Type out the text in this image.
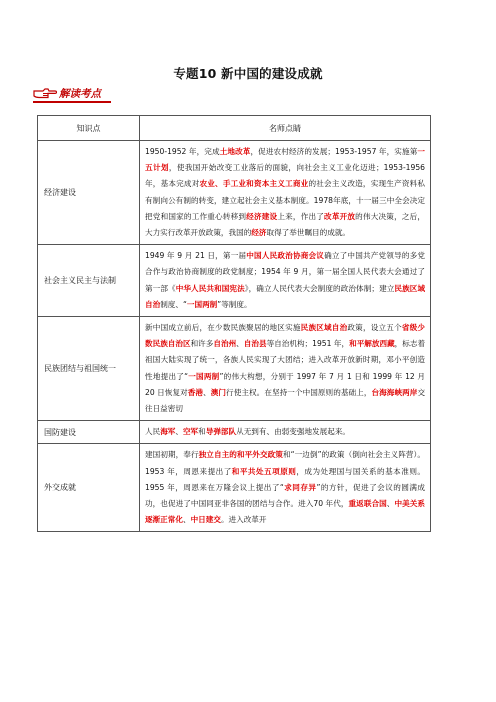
专题10 新中国的建设成就
解读考点
知识点	名师点睛
经济建设	1950-1952 年，完成土地改革，促进农村经济的发展；1953-1957 年，实施第一五计划，使我国开始改变工业落后的面貌，向社会主义工业化迈进；1953-1956 年，基本完成对农业、手工业和资本主义工商业的社会主义改造，实现生产资料私有制向公有制的转变，建立起社会主义基本制度。1978年底，十一届三中全会决定把党和国家的工作重心转移到经济建设上来，作出了改革开放的伟大决策，之后，大力实行改革开放政策，我国的经济取得了举世瞩目的成就。
社会主义民主与法制	1949 年 9 月 21 日，第一届中国人民政治协商会议确立了中国共产党领导的多党合作与政治协商制度的政党制度；1954 年 9 月，第一届全国人民代表大会通过了第一部《中华人民共和国宪法》，确立人民代表大会制度的政治体制；建立民族区域自治制度、“一国两制”等制度。
民族团结与祖国统一	新中国成立前后，在少数民族聚居的地区实施民族区域自治政策，设立五个省级少数民族自治区和许多自治州、自治县等自治机构；1951 年，和平解放西藏，标志着祖国大陆实现了统一，各族人民实现了大团结；进入改革开放新时期，邓小平创造性地提出了“一国两制”的伟大构想，分别于 1997 年 7 月 1 日和 1999 年 12 月 20 日恢复对香港、澳门行使主权。在坚持一个中国原则的基础上，台海海峡两岸交往日益密切
国防建设	人民海军、空军和导弹部队从无到有、由弱变强地发展起来。
外交成就	建国初期，奉行独立自主的和平外交政策和“一边倒”的政策（倒向社会主义阵营）。1953 年，周恩来提出了和平共处五项原则，成为处理国与国关系的基本准则。1955 年，周恩来在万隆会议上提出了“求同存异”的方针，促进了会议的圆满成功，也促进了中国同亚非各国的团结与合作。进入70 年代，重返联合国、中美关系逐渐正常化、中日建交。进入改革开
